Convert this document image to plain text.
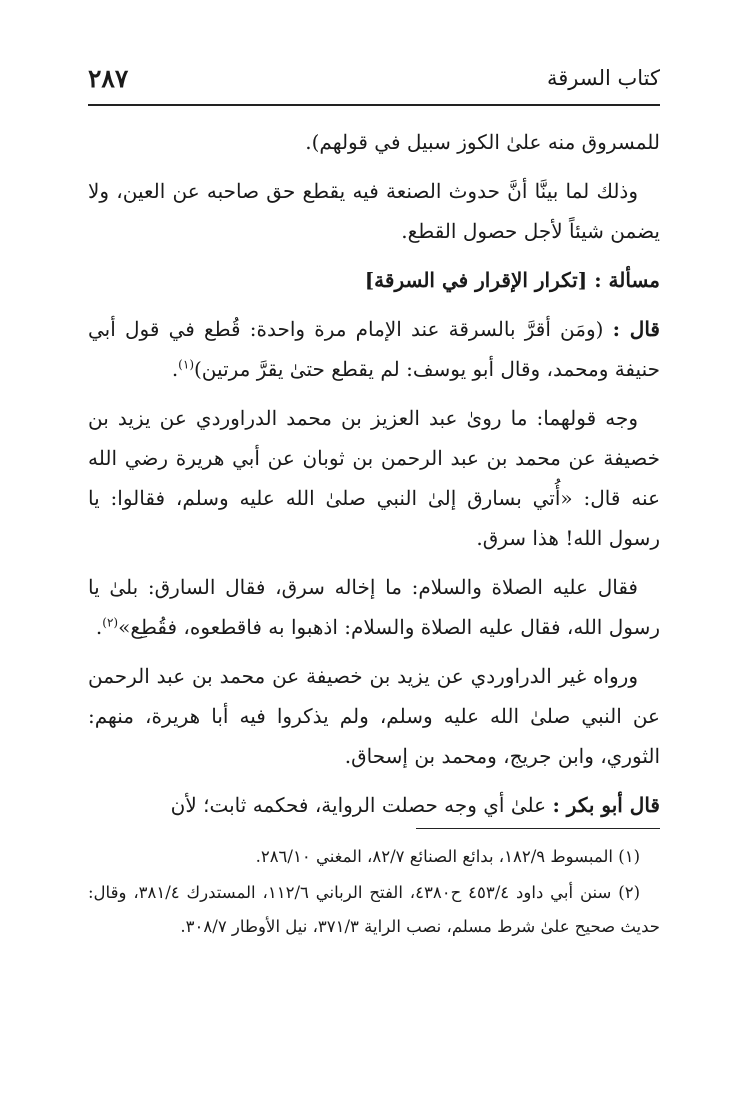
كتاب السرقة
٢٨٧

للمسروق منه علىٰ الكوز سبيل في قولهم).

وذلك لما بينَّا أنَّ حدوث الصنعة فيه يقطع حق صاحبه عن العين، ولا يضمن شيئاً لأجل حصول القطع.

مسألة : [تكرار الإقرار في السرقة]

قال : (ومَن أقرَّ بالسرقة عند الإمام مرة واحدة: قُطع في قول أبي حنيفة ومحمد، وقال أبو يوسف: لم يقطع حتىٰ يقرَّ مرتين)$^{(١)}$.

وجه قولهما: ما روىٰ عبد العزيز بن محمد الدراوردي عن يزيد بن خصيفة عن محمد بن عبد الرحمن بن ثوبان عن أبي هريرة رضي الله عنه قال: «أُتي بسارق إلىٰ النبي صلىٰ الله عليه وسلم، فقالوا: يا رسول الله! هذا سرق.

فقال عليه الصلاة والسلام: ما إخاله سرق، فقال السارق: بلىٰ يا رسول الله، فقال عليه الصلاة والسلام: اذهبوا به فاقطعوه، فقُطِع»$^{(٢)}$.

ورواه غير الدراوردي عن يزيد بن خصيفة عن محمد بن عبد الرحمن عن النبي صلىٰ الله عليه وسلم، ولم يذكروا فيه أبا هريرة، منهم: الثوري، وابن جريج، ومحمد بن إسحاق.

قال أبو بكر : علىٰ أي وجه حصلت الرواية، فحكمه ثابت؛ لأن

(١) المبسوط ١٨٢/٩، بدائع الصنائع ٨٢/٧، المغني ٢٨٦/١٠.

(٢) سنن أبي داود ٤٥٣/٤ ح٤٣٨٠، الفتح الرباني ١١٢/٦، المستدرك ٣٨١/٤، وقال: حديث صحيح علىٰ شرط مسلم، نصب الراية ٣٧١/٣، نيل الأوطار ٣٠٨/٧.
